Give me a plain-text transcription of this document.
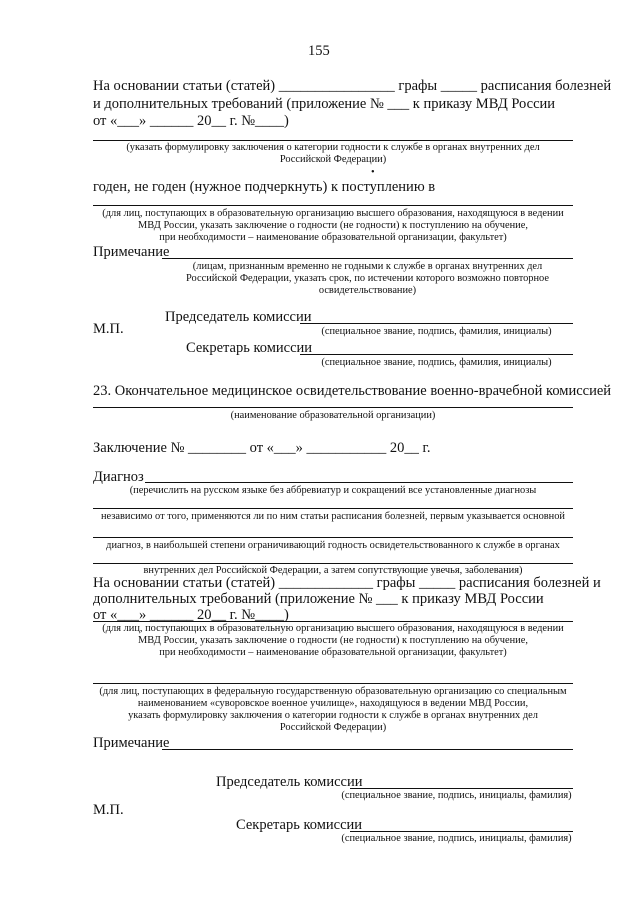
155
На основании статьи (статей) ________________ графы _____ расписания болезней
и дополнительных требований (приложение № ___ к приказу МВД России
от «___» ______ 20__ г. №____)
(указать формулировку заключения о категории годности к службе в органах внутренних дел
Российской Федерации)
•
годен, не годен (нужное подчеркнуть) к поступлению в
(для лиц, поступающих в образовательную организацию высшего образования, находящуюся в ведении
МВД России, указать заключение о годности (не годности) к поступлению на обучение,
при необходимости – наименование образовательной организации, факультет)
Примечание
(лицам, признанным временно не годными к службе в органах внутренних дел
Российской Федерации, указать срок, по истечении которого возможно повторное
освидетельствование)
Председатель комиссии
(специальное звание, подпись, фамилия, инициалы)
М.П.
Секретарь комиссии
(специальное звание, подпись, фамилия, инициалы)
23. Окончательное медицинское освидетельствование военно-врачебной комиссией
(наименование образовательной организации)
Заключение № ________ от «___» ___________ 20__ г.
Диагноз
(перечислить на русском языке без аббревиатур и сокращений все установленные диагнозы
независимо от того, применяются ли по ним статьи расписания болезней, первым указывается основной
диагноз, в наибольшей степени ограничивающий годность освидетельствованного к службе в органах
внутренних дел Российской Федерации, а затем сопутствующие увечья, заболевания)
На основании статьи (статей) _____________ графы _____ расписания болезней и
дополнительных требований (приложение № ___ к приказу МВД России
от «___» ______ 20__ г. №____)
(для лиц, поступающих в образовательную организацию высшего образования, находящуюся в ведении
МВД России, указать заключение о годности (не годности) к поступлению на обучение,
при необходимости – наименование образовательной организации, факультет)
(для лиц, поступающих в федеральную государственную образовательную организацию со специальным
наименованием «суворовское военное училище», находящуюся в ведении МВД России,
указать формулировку заключения о категории годности к службе в органах внутренних дел
Российской Федерации)
Примечание
Председатель комиссии
(специальное звание, подпись, инициалы, фамилия)
М.П.
Секретарь комиссии
(специальное звание, подпись, инициалы, фамилия)
